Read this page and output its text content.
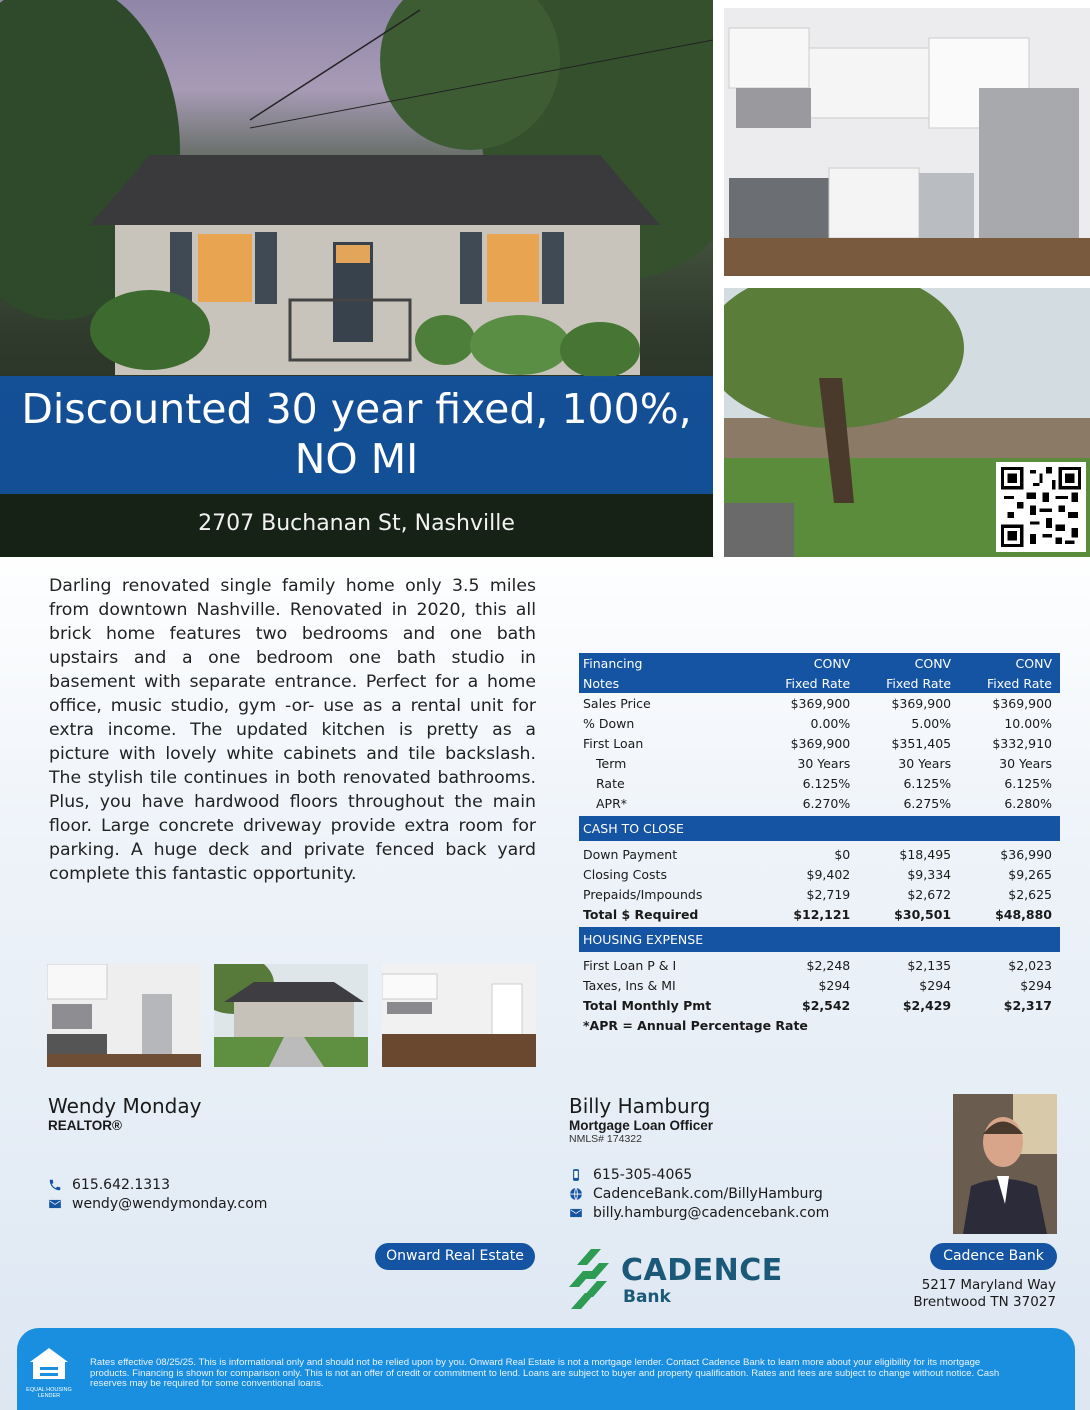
Discounted 30 year fixed, 100%,
NO MI
2707 Buchanan St, Nashville

Darling renovated single family home only 3.5 miles from downtown Nashville. Renovated in 2020, this all brick home features two bedrooms and one bath upstairs and a one bedroom one bath studio in basement with separate entrance. Perfect for a home office, music studio, gym -or- use as a rental unit for extra income. The updated kitchen is pretty as a picture with lovely white cabinets and tile backslash. The stylish tile continues in both renovated bathrooms. Plus, you have hardwood floors throughout the main floor. Large concrete driveway provide extra room for parking. A huge deck and private fenced back yard complete this fantastic opportunity.

Financing	CONV	CONV	CONV
Notes	Fixed Rate	Fixed Rate	Fixed Rate
Sales Price	$369,900	$369,900	$369,900
% Down	0.00%	5.00%	10.00%
First Loan	$369,900	$351,405	$332,910
Term	30 Years	30 Years	30 Years
Rate	6.125%	6.125%	6.125%
APR*	6.270%	6.275%	6.280%

CASH TO CLOSE			

Down Payment	$0	$18,495	$36,990
Closing Costs	$9,402	$9,334	$9,265
Prepaids/Impounds	$2,719	$2,672	$2,625
Total $ Required	$12,121	$30,501	$48,880

HOUSING EXPENSE			

First Loan P & I	$2,248	$2,135	$2,023
Taxes, Ins & MI	$294	$294	$294
Total Monthly Pmt	$2,542	$2,429	$2,317
*APR = Annual Percentage Rate			
Wendy Monday
REALTOR®
615.642.1313
wendy@wendymonday.com
Onward Real Estate
Billy Hamburg
Mortgage Loan Officer
NMLS# 174322
615-305-4065
CadenceBank.com/BillyHamburg
billy.hamburg@cadencebank.com
Cadence Bank
CADENCE
Bank
5217 Maryland Way
Brentwood TN 37027
EQUAL HOUSING LENDER
Rates effective 08/25/25. This is informational only and should not be relied upon by you. Onward Real Estate is not a mortgage lender. Contact Cadence Bank to learn more about your eligibility for its mortgage products. Financing is shown for comparison only. This is not an offer of credit or commitment to lend. Loans are subject to buyer and property qualification. Rates and fees are subject to change without notice. Cash reserves may be required for some conventional loans.
